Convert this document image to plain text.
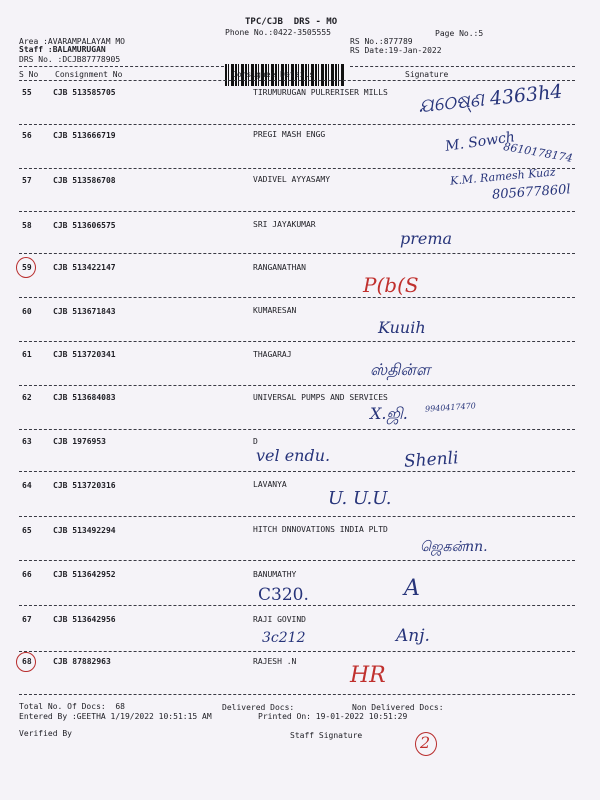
TPC/CJB  DRS - MO
Phone No.:0422-3505555	Page No.:5
Area :AVARAMPALAYAM MO
Staff :BALAMURUGAN
DRS No. :DCJB87778905
RS No.:877789
RS Date:19-Jan-2022
S No Consignment No	Consignee Details	Signature
55	CJB 513585705	TIRUMURUGAN PULRERISER MILLS ଯଠେଷ୍ଣ 4363h4
56	CJB 513666719	PREGI MASH ENGG	M. Sowch
8610178174
57	CJB 513586708	VADIVEL AYYASAMY	K.M. Ramesh Kuaz
805677860l
58	CJB 513606575	SRI JAYAKUMAR
prema
59	CJB 513422147	RANGANATHAN
P(b(S
60	CJB 513671843	KUMARESAN
Kuuih
61	CJB 513720341	THAGARAJ
ஸ்தின்ள
62	CJB 513684083	UNIVERSAL PUMPS AND SERVICES
X.ஜி. 9940417470
63	CJB 1976953	D
vel endu.	Shenli
64	CJB 513720316	LAVANYA
U. U.U.
65	CJB 513492294	HITCH DNNOVATIONS INDIA PLTD
ஜெகன்nn.
66	CJB 513642952	BANUMATHY
C320.	A
67	CJB 513642956	RAJI GOVIND
3c212	Anj.
68	CJB 87882963	RAJESH .N
HR
Total No. Of Docs:  68	Delivered Docs:	Non Delivered Docs:
Entered By :GEETHA 1/19/2022 10:51:15 AM	Printed On: 19-01-2022 10:51:29
Verified By	Staff Signature	2
